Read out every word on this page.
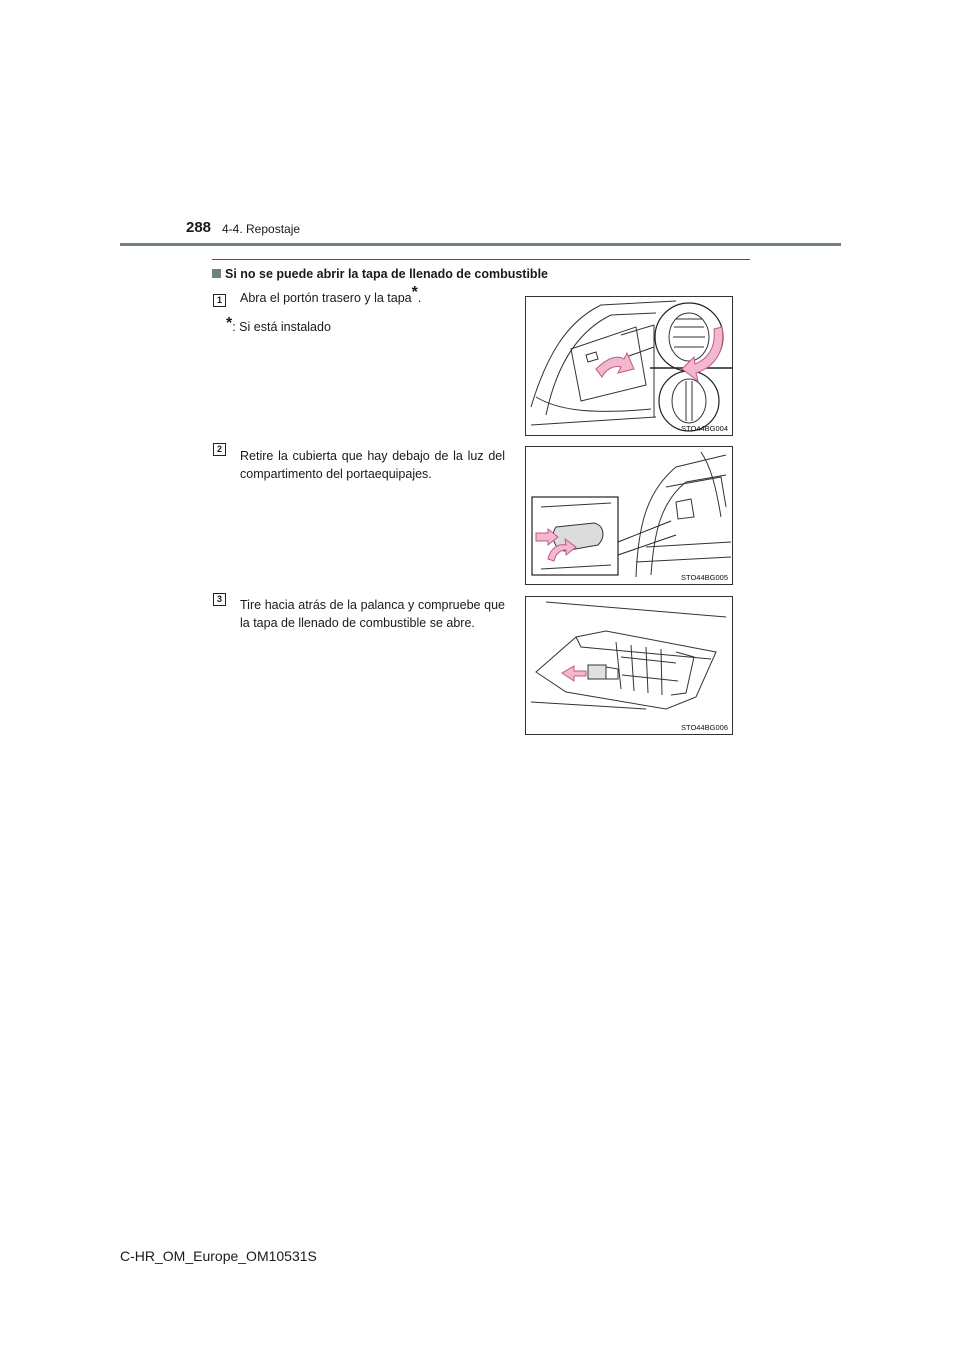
288 4-4. Repostaje
Si no se puede abrir la tapa de llenado de combustible
1	Abra el portón trasero y la tapa*.
*: Si está instalado
STO44BG004
2	Retire la cubierta que hay debajo de la luz del compartimento del portaequipajes.
STO44BG005
3	Tire hacia atrás de la palanca y compruebe que la tapa de llenado de combustible se abre.
STO44BG006
C-HR_OM_Europe_OM10531S
